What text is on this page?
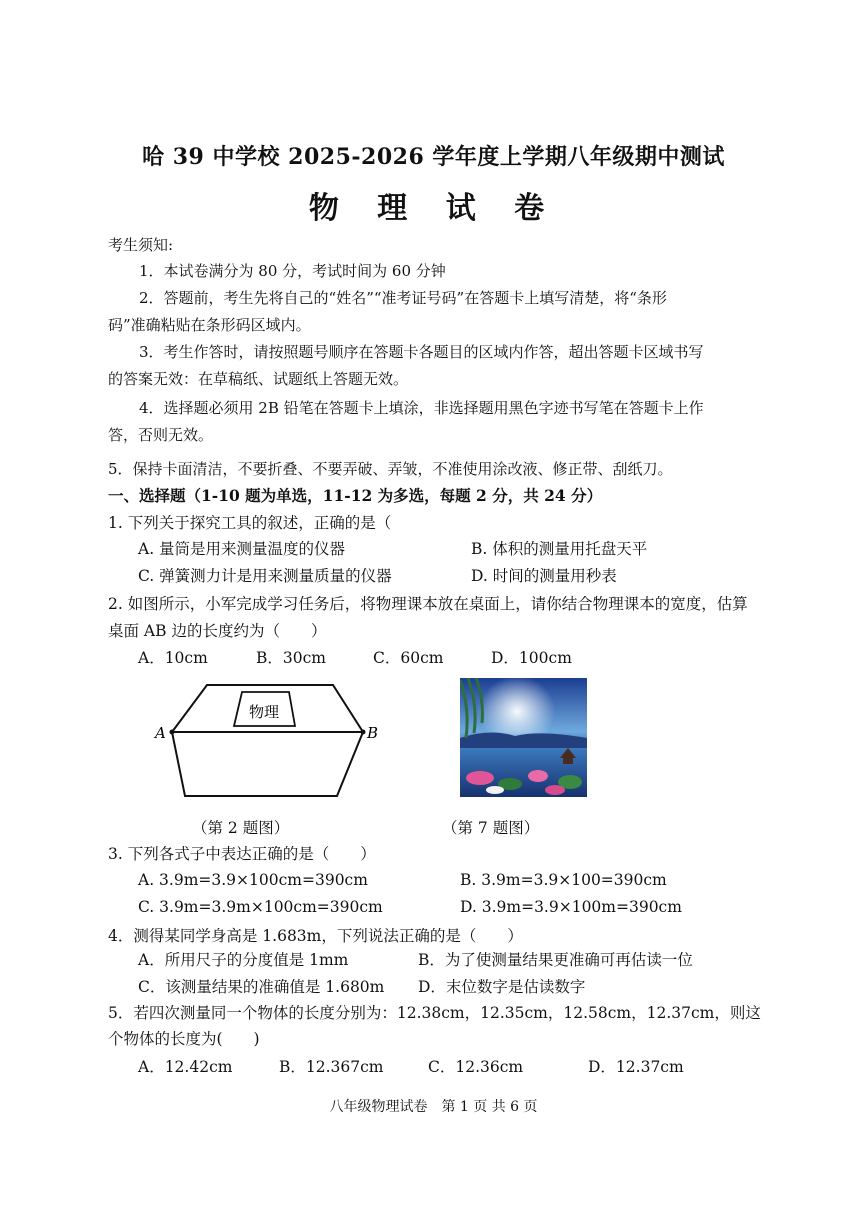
哈 39 中学校 2025-2026 学年度上学期八年级期中测试
物 理 试 卷
考生须知:
1．本试卷满分为 80 分，考试时间为 60 分钟
2．答题前，考生先将自己的“姓名”“准考证号码”在答题卡上填写清楚，将“条形
码”准确粘贴在条形码区域内。
3．考生作答时，请按照题号顺序在答题卡各题目的区域内作答，超出答题卡区域书写
的答案无效：在草稿纸、试题纸上答题无效。
4．选择题必须用 2B 铅笔在答题卡上填涂，非选择题用黑色字迹书写笔在答题卡上作
答，否则无效。
5．保持卡面清洁，不要折叠、不要弄破、弄皱，不准使用涂改液、修正带、刮纸刀。
一、选择题（1-10 题为单选，11-12 为多选，每题 2 分，共 24 分）
1. 下列关于探究工具的叙述，正确的是（
A. 量筒是用来测量温度的仪器	B. 体积的测量用托盘天平
C. 弹簧测力计是用来测量质量的仪器	D. 时间的测量用秒表
2. 如图所示，小军完成学习任务后，将物理课本放在桌面上，请你结合物理课本的宽度，估算
桌面 AB 边的长度约为（　　）
A．10cm	B．30cm	C．60cm	D．100cm
物理
A	B
（第 2 题图）	（第 7 题图）
3. 下列各式子中表达正确的是（　　）
A. 3.9m=3.9×100cm=390cm	B. 3.9m=3.9×100=390cm
C. 3.9m=3.9m×100cm=390cm	D. 3.9m=3.9×100m=390cm
4．测得某同学身高是 1.683m，下列说法正确的是（　　）
A．所用尺子的分度值是 1mm	B．为了使测量结果更准确可再估读一位
C．该测量结果的准确值是 1.680m D．末位数字是估读数字
5．若四次测量同一个物体的长度分别为：12.38cm，12.35cm，12.58cm，12.37cm，则这
个物体的长度为(　　)
A．12.42cm	B．12.367cm	C．12.36cm	D．12.37cm
八年级物理试卷　第 1 页 共 6 页
